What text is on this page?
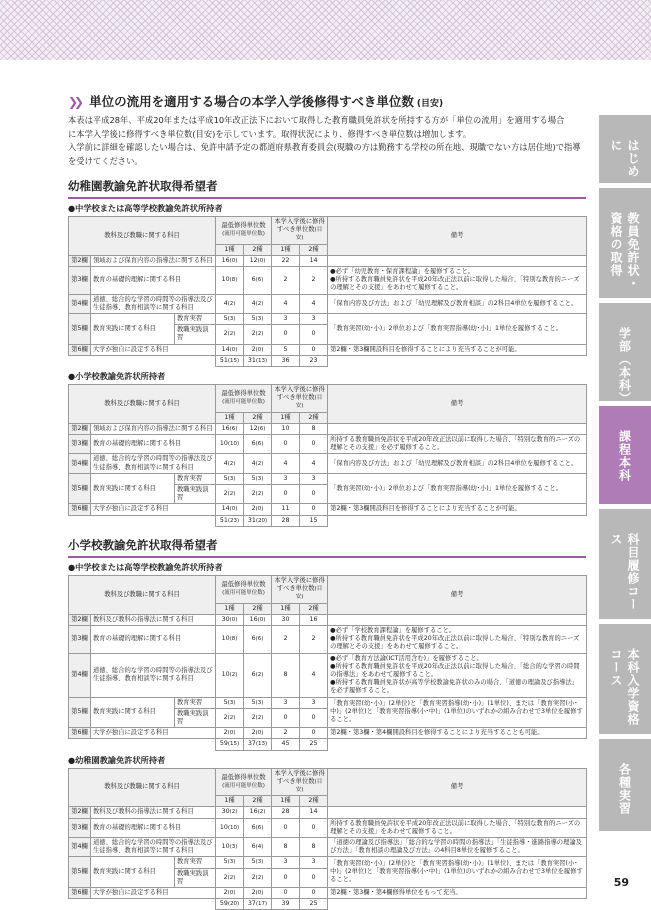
❯❯ 単位の流用を適用する場合の本学入学後修得すべき単位数 (目安)
本表は平成28年、平成20年または平成10年改正法下において取得した教育職員免許状を所持する方が「単位の流用」を適用する場合
に本学入学後に修得すべき単位数(目安)を示しています。取得状況により、修得すべき単位数は増加します。
入学前に詳細を確認したい場合は、免許申請予定の都道府県教育委員会(現職の方は勤務する学校の所在地、現職でない方は居住地)で指導
を受けてください。
幼稚園教諭免許状取得希望者
●中学校または高等学校教諭免許状所持者
教科及び教職に関する科目			最低修得単位数
(流用可能単位数)		本学入学後に修得すべき単位数(目安)		備考
			1種	2種	1種	2種	
第2欄	領域および保育内容の指導法に関する科目		16(0)	12(0)	22	14	
第3欄	教育の基礎的理解に関する科目		10(8)	6(6)	2	2	●必ず「幼児教育・保育課程論」を履修すること。
●所持する教育職員免許状を平成20年改正法以前に取得した場合、「特別な教育的ニーズの理解とその支援」をあわせて履修すること。
第4欄	道徳、総合的な学習の時間等の指導法及び生徒指導、教育相談等に関する科目		4(2)	4(2)	4	4	「保育内容及び方法」および「幼児理解及び教育相談」の2科目4単位を履修すること。
第5欄	教育実践に関する科目	教育実習	5(3)	5(3)	3	3	「教育実習(幼･小)」2単位および「教育実習指導(幼･小)」1単位を履修すること。
		教職実践演習	2(2)	2(2)	0	0	
第6欄	大学が独自に設定する科目		14(0)	2(0)	5	0	第2欄・第3欄開設科目を修得することにより充当することが可能。
			51(15)	31(13)	36	23	
●小学校教諭免許状所持者
教科及び教職に関する科目			最低修得単位数
(流用可能単位数)		本学入学後に修得すべき単位数(目安)		備考
			1種	2種	1種	2種	
第2欄	領域および保育内容の指導法に関する科目		16(6)	12(6)	10	8	
第3欄	教育の基礎的理解に関する科目		10(10)	6(6)	0	0	所持する教育職員免許状を平成20年改正法以前に取得した場合、「特別な教育的ニーズの理解とその支援」を必ず履修すること。
第4欄	道徳、総合的な学習の時間等の指導法及び生徒指導、教育相談等に関する科目		4(2)	4(2)	4	4	「保育内容及び方法」および「幼児理解及び教育相談」の2科目4単位を履修すること。
第5欄	教育実践に関する科目	教育実習	5(3)	5(3)	3	3	「教育実習(幼･小)」2単位および「教育実習指導(幼･小)」1単位を履修すること。
		教職実践演習	2(2)	2(2)	0	0	
第6欄	大学が独自に設定する科目		14(0)	2(0)	11	0	第2欄・第3欄開設科目を修得することにより充当することが可能。
			51(23)	31(20)	28	15	
小学校教諭免許状取得希望者
●中学校または高等学校教諭免許状所持者
教科及び教職に関する科目			最低修得単位数
(流用可能単位数)		本学入学後に修得すべき単位数(目安)		備考
			1種	2種	1種	2種	
第2欄	教科及び教科の指導法に関する科目		30(0)	16(0)	30	16	
第3欄	教育の基礎的理解に関する科目		10(8)	6(6)	2	2	●必ず「学校教育課程論」を履修すること。
●所持する教育職員免許状を平成20年改正法以前に取得した場合、「特別な教育的ニーズの理解とその支援」をあわせて履修すること。
第4欄	道徳、総合的な学習の時間等の指導法及び生徒指導、教育相談等に関する科目		10(2)	6(2)	8	4	●必ず「教育方法論(ICT活用含む)」を履修すること。
●所持する教育職員免許状を平成20年改正法以前に取得した場合、「総合的な学習の時間の指導法」をあわせて履修すること。
●所持する教育職員免許状が高等学校教諭免許状のみの場合、「道徳の理論及び指導法」を必ず履修すること。
第5欄	教育実践に関する科目	教育実習	5(3)	5(3)	3	3	「教育実習(幼･小)」(2単位)と「教育実習指導(幼･小)」(1単位)、または「教育実習(小･中)」(2単位)と「教育実習指導(小･中)」(1単位)のいずれかの組み合わせで3単位を履修すること。
		教職実践演習	2(2)	2(2)	0	0	
第6欄	大学が独自に設定する科目		2(0)	2(0)	2	0	第2欄・第3欄・第4欄開設科目を修得することにより充当することも可能。
			59(15)	37(13)	45	25	
●幼稚園教諭免許状所持者
教科及び教職に関する科目			最低修得単位数
(流用可能単位数)		本学入学後に修得すべき単位数(目安)		備考
			1種	2種	1種	2種	
第2欄	教科及び教科の指導法に関する科目		30(2)	16(2)	28	14	
第3欄	教育の基礎的理解に関する科目		10(10)	6(6)	0	0	所持する教育職員免許状を平成20年改正法以前に取得した場合、「特別な教育的ニーズの理解とその支援」をあわせて履修すること。
第4欄	道徳、総合的な学習の時間等の指導法及び生徒指導、教育相談等に関する科目		10(3)	6(4)	8	8	「道徳の理論及び指導法」「総合的な学習の時間の指導法」「生徒指導・進路指導の理論及び方法」「教育相談の理論及び方法」の4科目8単位を履修すること。
第5欄	教育実践に関する科目	教育実習	5(3)	5(3)	3	3	「教育実習(幼･小)」(2単位)と「教育実習指導(幼･小)」(1単位)、または「教育実習(小･中)」(2単位)と「教育実習指導(小･中)」(1単位)のいずれかの組み合わせで3単位を履修すること。
		教職実践演習	2(2)	2(2)	0	0	
第6欄	大学が独自に設定する科目		2(0)	2(0)	0	0	第2欄・第3欄・第4欄修得単位をもって充当。
			59(20)	37(17)	39	25	
はじめに
教員免許状・資格の取得
学部（本科）
課程本科
科目履修コース
本科入学資格コース
各種実習
59
